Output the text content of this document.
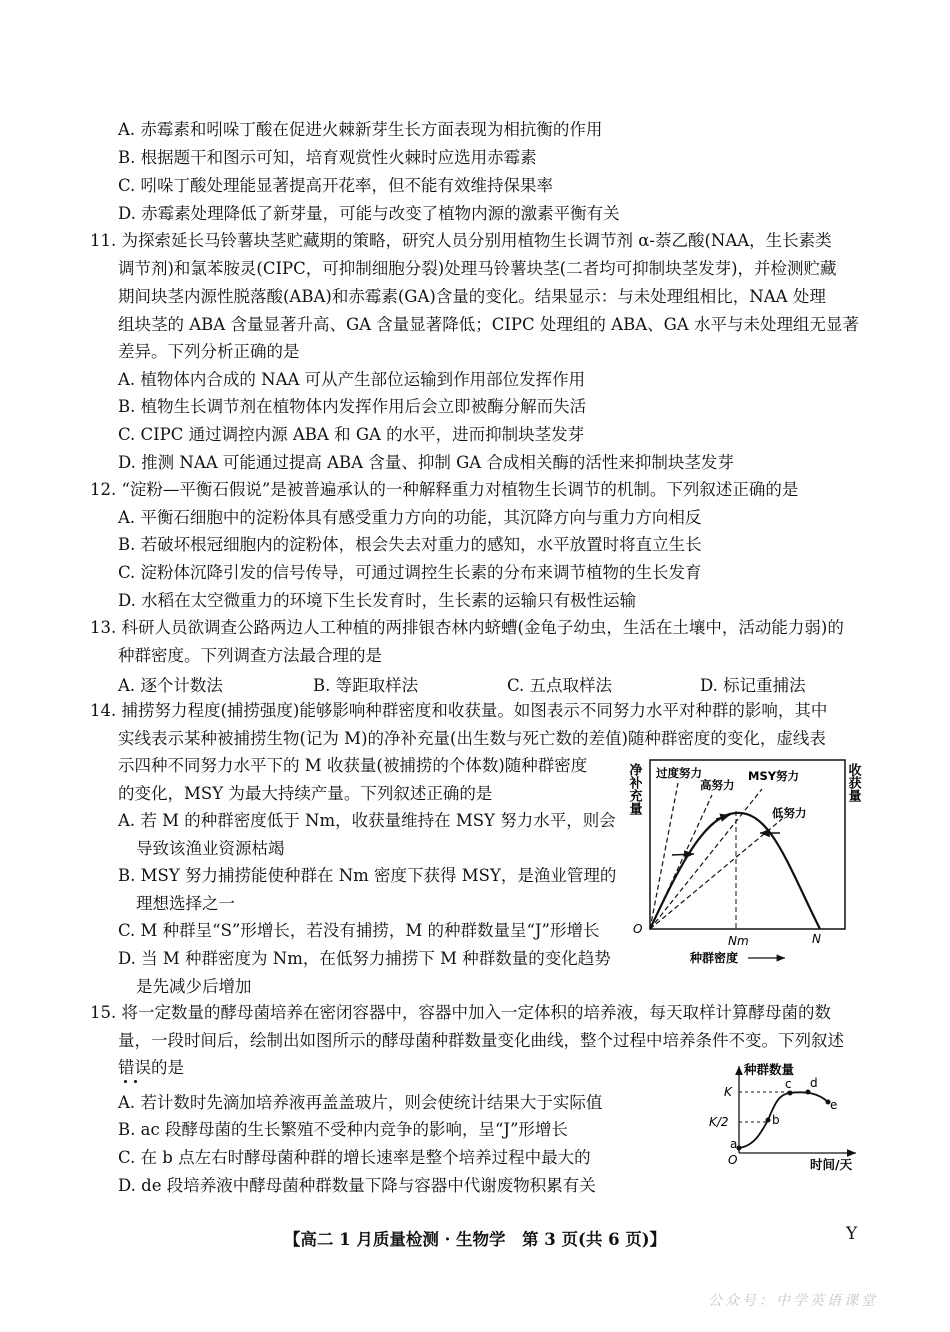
A. 赤霉素和吲哚丁酸在促进火棘新芽生长方面表现为相抗衡的作用
B. 根据题干和图示可知，培育观赏性火棘时应选用赤霉素
C. 吲哚丁酸处理能显著提高开花率，但不能有效维持保果率
D. 赤霉素处理降低了新芽量，可能与改变了植物内源的激素平衡有关
11. 为探索延长马铃薯块茎贮藏期的策略，研究人员分别用植物生长调节剂 α-萘乙酸(NAA，生长素类
调节剂)和氯苯胺灵(CIPC，可抑制细胞分裂)处理马铃薯块茎(二者均可抑制块茎发芽)，并检测贮藏
期间块茎内源性脱落酸(ABA)和赤霉素(GA)含量的变化。结果显示：与未处理组相比，NAA 处理
组块茎的 ABA 含量显著升高、GA 含量显著降低；CIPC 处理组的 ABA、GA 水平与未处理组无显著
差异。下列分析正确的是
A. 植物体内合成的 NAA 可从产生部位运输到作用部位发挥作用
B. 植物生长调节剂在植物体内发挥作用后会立即被酶分解而失活
C. CIPC 通过调控内源 ABA 和 GA 的水平，进而抑制块茎发芽
D. 推测 NAA 可能通过提高 ABA 含量、抑制 GA 合成相关酶的活性来抑制块茎发芽
12. “淀粉—平衡石假说”是被普遍承认的一种解释重力对植物生长调节的机制。下列叙述正确的是
A. 平衡石细胞中的淀粉体具有感受重力方向的功能，其沉降方向与重力方向相反
B. 若破坏根冠细胞内的淀粉体，根会失去对重力的感知，水平放置时将直立生长
C. 淀粉体沉降引发的信号传导，可通过调控生长素的分布来调节植物的生长发育
D. 水稻在太空微重力的环境下生长发育时，生长素的运输只有极性运输
13. 科研人员欲调查公路两边人工种植的两排银杏林内蛴螬(金龟子幼虫，生活在土壤中，活动能力弱)的
种群密度。下列调查方法最合理的是
A. 逐个计数法	B. 等距取样法	C. 五点取样法	D. 标记重捕法
14. 捕捞努力程度(捕捞强度)能够影响种群密度和收获量。如图表示不同努力水平对种群的影响，其中
实线表示某种被捕捞生物(记为 M)的净补充量(出生数与死亡数的差值)随种群密度的变化，虚线表
示四种不同努力水平下的 M 收获量(被捕捞的个体数)随种群密度
的变化，MSY 为最大持续产量。下列叙述正确的是
A. 若 M 的种群密度低于 Nm，收获量维持在 MSY 努力水平，则会
导致该渔业资源枯竭
B. MSY 努力捕捞能使种群在 Nm 密度下获得 MSY，是渔业管理的
理想选择之一
C. M 种群呈“S”形增长，若没有捕捞，M 的种群数量呈“J”形增长
D. 当 M 种群密度为 Nm，在低努力捕捞下 M 种群数量的变化趋势
是先减少后增加
净补充量	收获量
O
Nm	N
种群密度
过度努力
高努力
MSY努力
低努力
15. 将一定数量的酵母菌培养在密闭容器中，容器中加入一定体积的培养液，每天取样计算酵母菌的数
量，一段时间后，绘制出如图所示的酵母菌种群数量变化曲线，整个过程中培养条件不变。下列叙述
错误的是
A. 若计数时先滴加培养液再盖盖玻片，则会使统计结果大于实际值
B. ac 段酵母菌的生长繁殖不受种内竞争的影响，呈“J”形增长
C. 在 b 点左右时酵母菌种群的增长速率是整个培养过程中最大的
D. de 段培养液中酵母菌种群数量下降与容器中代谢废物积累有关
种群数量
时间/天
O
K
K/2
a
b
c d
e
【高二 1 月质量检测 · 生物学　第 3 页(共 6 页)】	Y
公众号：中学英语课堂
